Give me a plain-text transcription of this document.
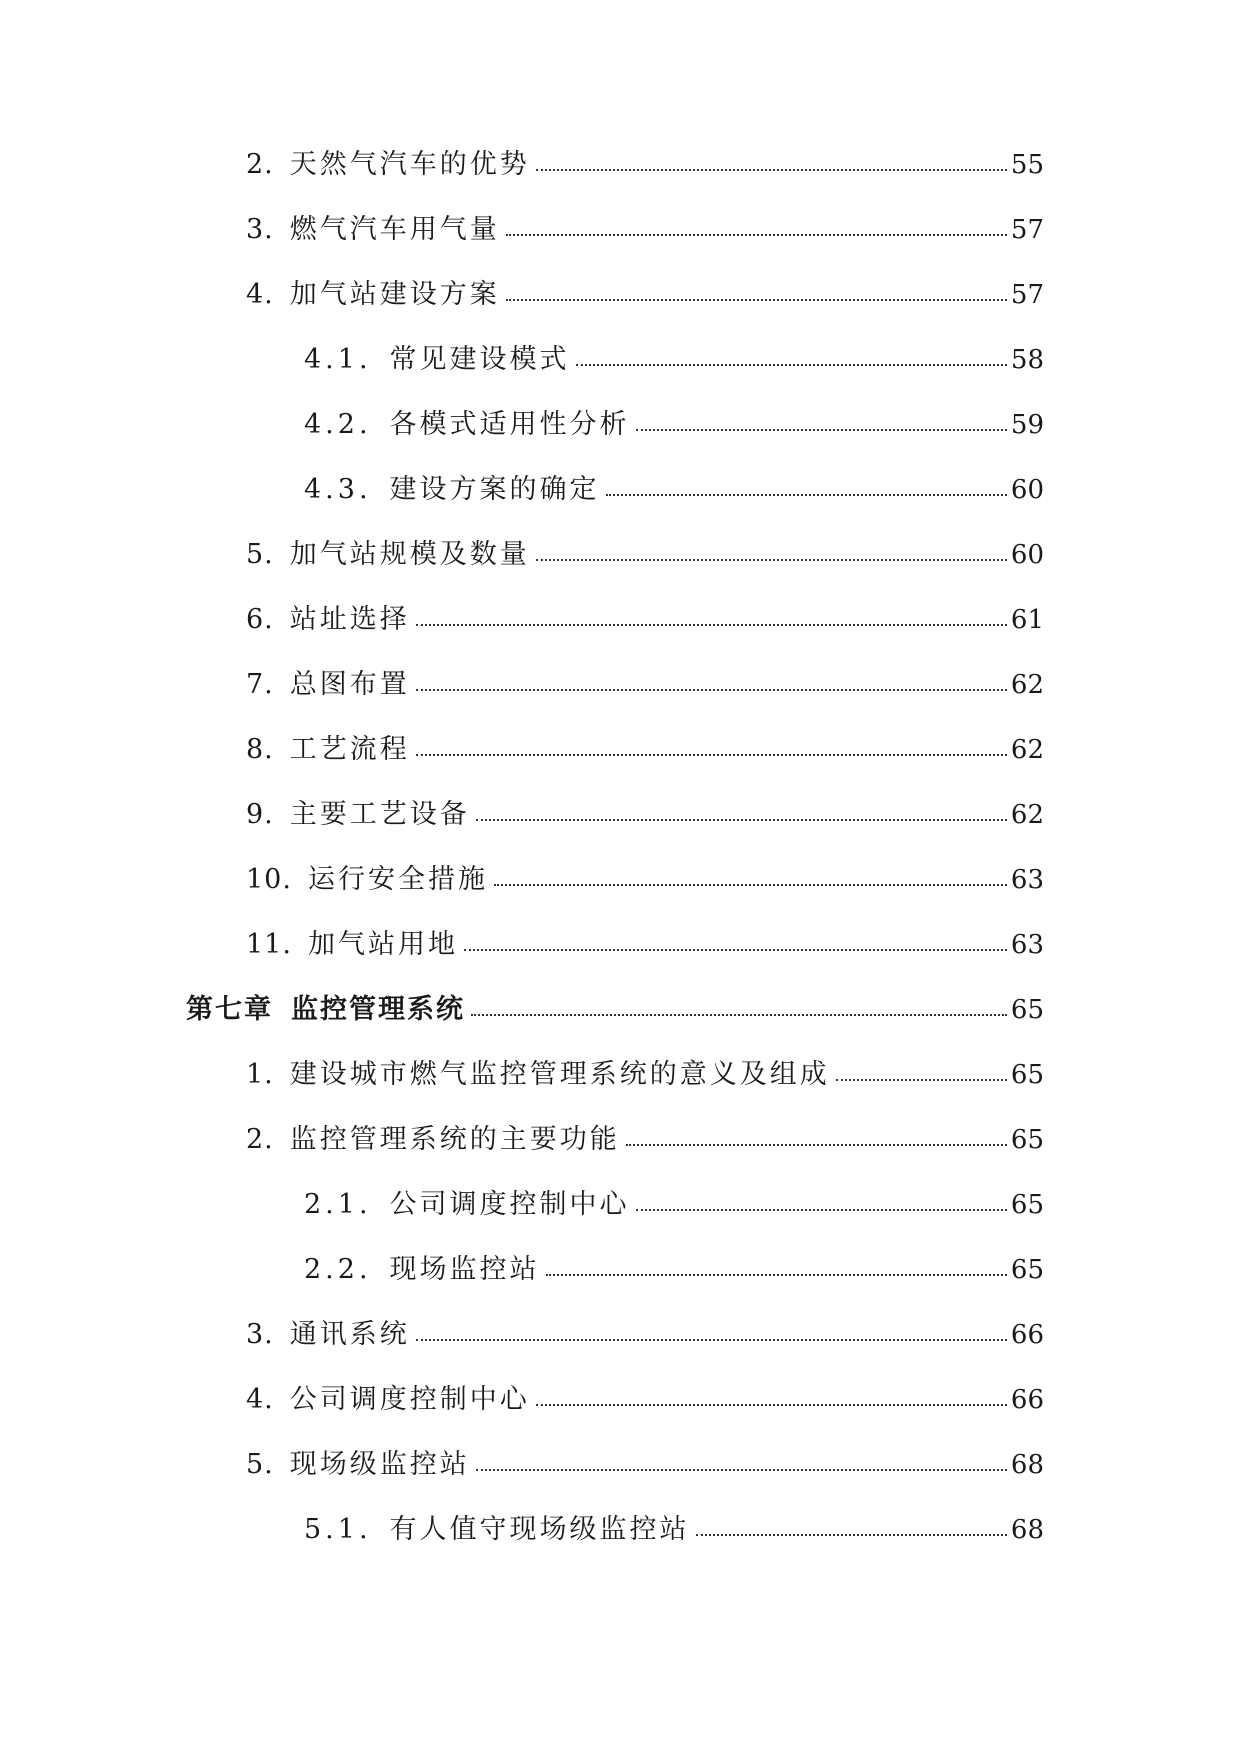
2. 天然气汽车的优势	55
3. 燃气汽车用气量	57
4. 加气站建设方案	57
4.1. 常见建设模式	58
4.2. 各模式适用性分析	59
4.3. 建设方案的确定	60
5. 加气站规模及数量	60
6. 站址选择	61
7. 总图布置	62
8. 工艺流程	62
9. 主要工艺设备	62
10. 运行安全措施	63
11. 加气站用地	63
第七章 监控管理系统	65
1. 建设城市燃气监控管理系统的意义及组成	65
2. 监控管理系统的主要功能	65
2.1. 公司调度控制中心	65
2.2. 现场监控站	65
3. 通讯系统	66
4. 公司调度控制中心	66
5. 现场级监控站	68
5.1. 有人值守现场级监控站	68
